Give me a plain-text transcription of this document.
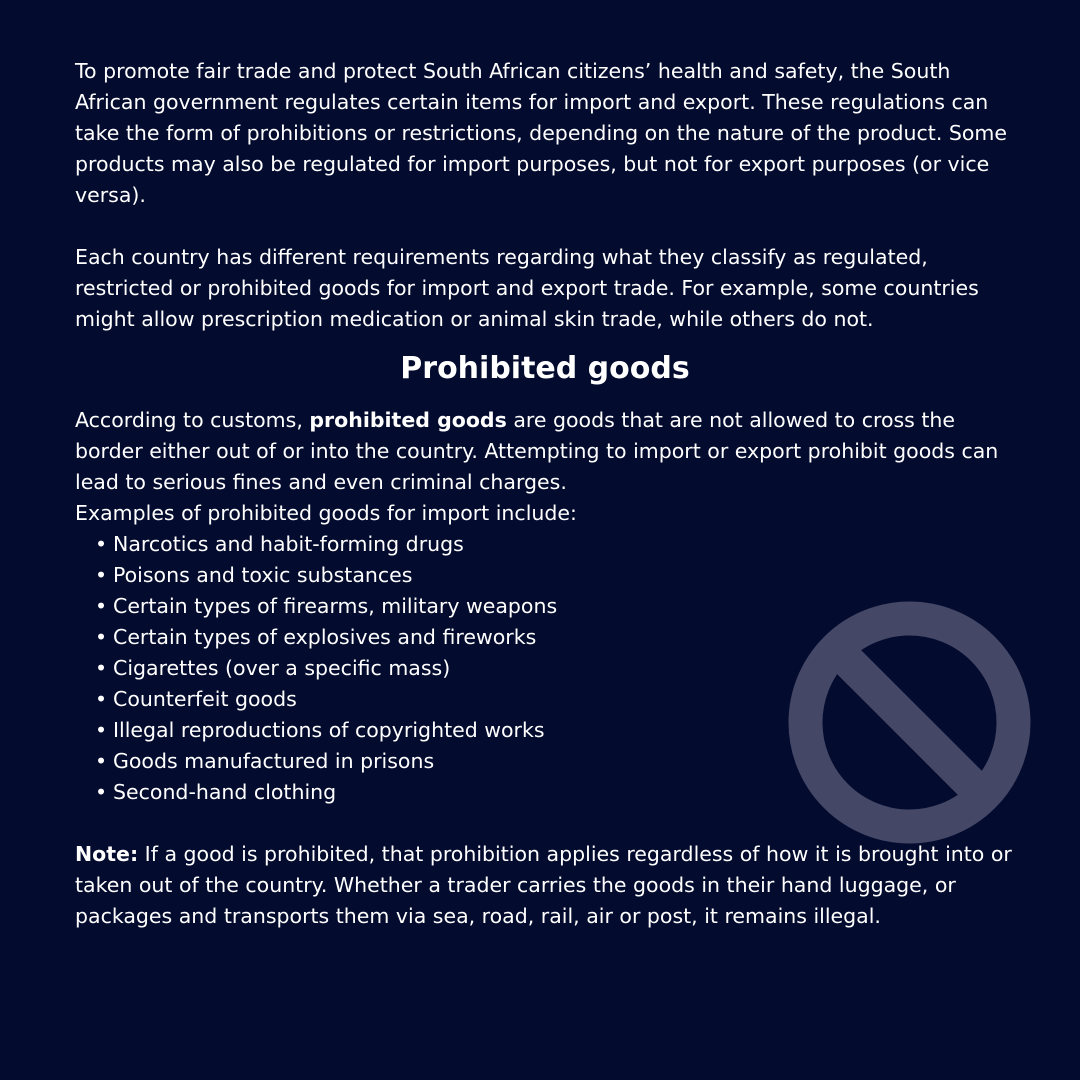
To promote fair trade and protect South African citizens’ health and safety, the South African government regulates certain items for import and export. These regulations can take the form of prohibitions or restrictions, depending on the nature of the product. Some products may also be regulated for import purposes, but not for export purposes (or vice versa).

Each country has different requirements regarding what they classify as regulated, restricted or prohibited goods for import and export trade. For example, some countries might allow prescription medication or animal skin trade, while others do not.

Prohibited goods

According to customs, prohibited goods are goods that are not allowed to cross the border either out of or into the country. Attempting to import or export prohibit goods can lead to serious fines and even criminal charges.

Examples of prohibited goods for import include:

• Narcotics and habit-forming drugs
• Poisons and toxic substances
• Certain types of firearms, military weapons
• Certain types of explosives and fireworks
• Cigarettes (over a specific mass)
• Counterfeit goods
• Illegal reproductions of copyrighted works
• Goods manufactured in prisons
• Second-hand clothing

Note: If a good is prohibited, that prohibition applies regardless of how it is brought into or taken out of the country. Whether a trader carries the goods in their hand luggage, or packages and transports them via sea, road, rail, air or post, it remains illegal.
